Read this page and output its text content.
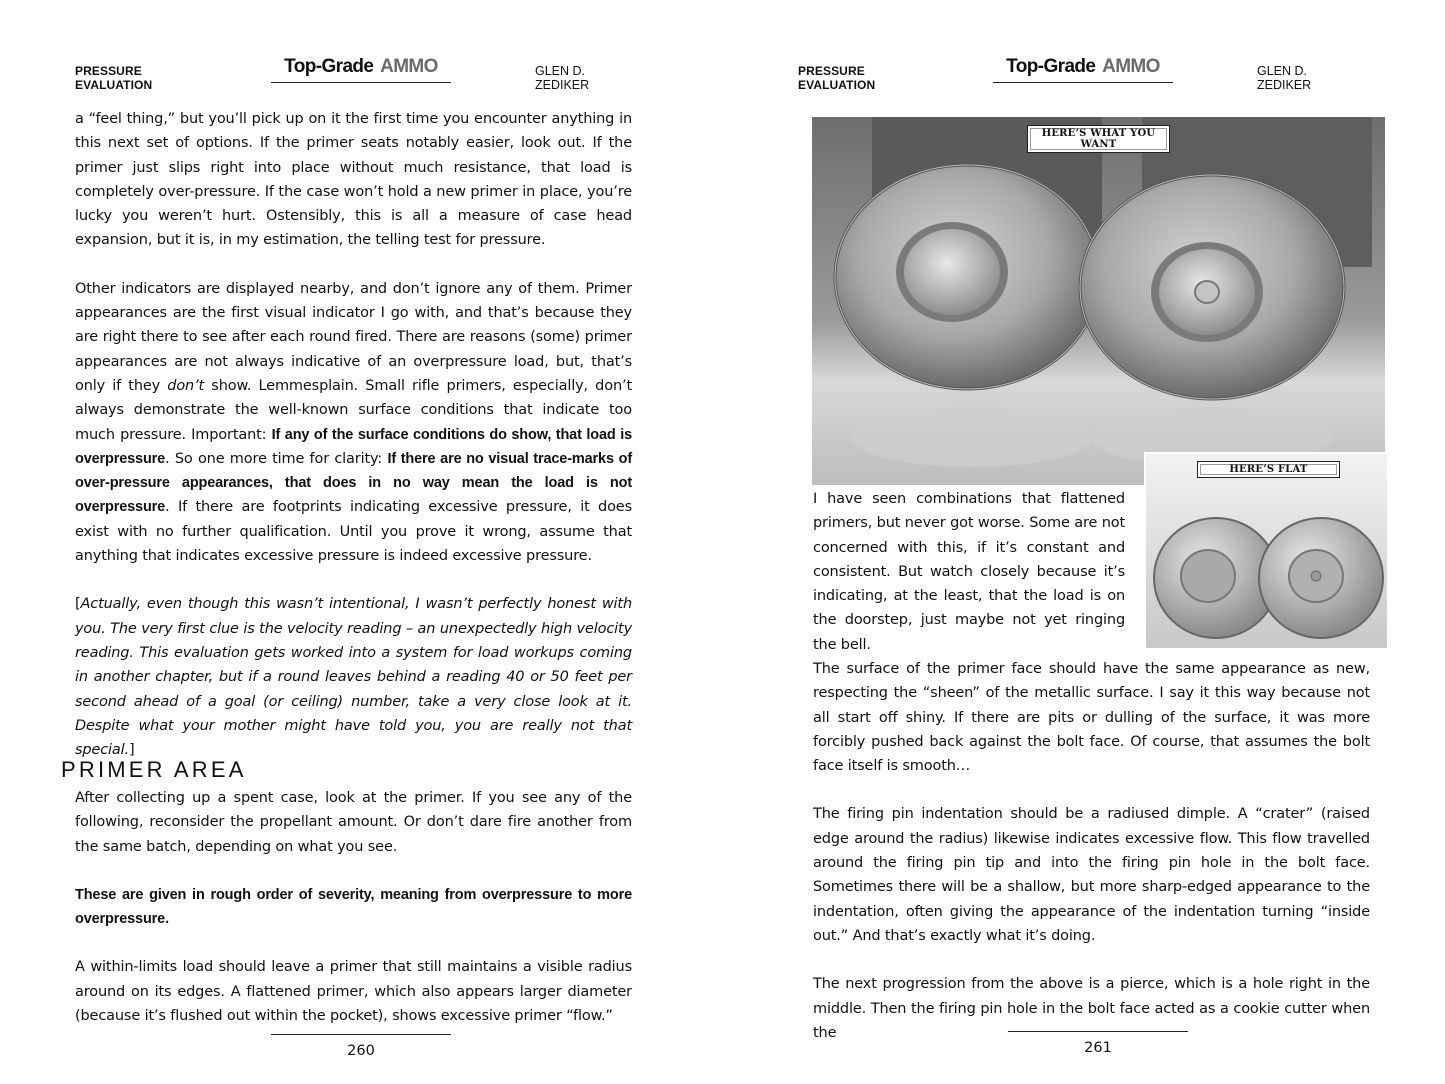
PRESSURE EVALUATION
Top-Grade AMMO	GLEN D. ZEDIKER

a “feel thing,” but you’ll pick up on it the first time you encounter anything in this next set of options. If the primer seats notably easier, look out. If the primer just slips right into place without much resistance, that load is completely over-pressure. If the case won’t hold a new primer in place, you’re lucky you weren’t hurt. Ostensibly, this is all a measure of case head expansion, but it is, in my estimation, the telling test for pressure.

Other indicators are displayed nearby, and don’t ignore any of them. Primer appearances are the first visual indicator I go with, and that’s because they are right there to see after each round fired. There are reasons (some) primer appearances are not always indicative of an overpressure load, but, that’s only if they don’t show. Lemmesplain. Small rifle primers, especially, don’t always demonstrate the well-known surface conditions that indicate too much pressure. Important: If any of the surface conditions do show, that load is overpressure. So one more time for clarity: If there are no visual trace-marks of over-pressure appearances, that does in no way mean the load is not overpressure. If there are footprints indicating excessive pressure, it does exist with no further qualification. Until you prove it wrong, assume that anything that indicates excessive pressure is indeed excessive pressure.

[Actually, even though this wasn’t intentional, I wasn’t perfectly honest with you. The very first clue is the velocity reading – an unexpectedly high velocity reading. This evaluation gets worked into a system for load workups coming in another chapter, but if a round leaves behind a reading 40 or 50 feet per second ahead of a goal (or ceiling) number, take a very close look at it. Despite what your mother might have told you, you are really not that special.]

PRIMER AREA

After collecting up a spent case, look at the primer. If you see any of the following, reconsider the propellant amount. Or don’t dare fire another from the same batch, depending on what you see.

These are given in rough order of severity, meaning from overpressure to more overpressure.

A within-limits load should leave a primer that still maintains a visible radius around on its edges. A flattened primer, which also appears larger diameter (because it’s flushed out within the pocket), shows excessive primer “flow.”

260
PRESSURE EVALUATION
Top-Grade AMMO	GLEN D. ZEDIKER
HERE’S WHAT YOU WANT
HERE’S FLAT

I have seen combinations that flattened primers, but never got worse. Some are not concerned with this, if it’s constant and consistent. But watch closely because it’s indicating, at the least, that the load is on the doorstep, just maybe not yet ringing the bell.

The surface of the primer face should have the same appearance as new, respecting the “sheen” of the metallic surface. I say it this way because not all start off shiny. If there are pits or dulling of the surface, it was more forcibly pushed back against the bolt face. Of course, that assumes the bolt face itself is smooth…

The firing pin indentation should be a radiused dimple. A “crater” (raised edge around the radius) likewise indicates excessive flow. This flow travelled around the firing pin tip and into the firing pin hole in the bolt face. Sometimes there will be a shallow, but more sharp-edged appearance to the indentation, often giving the appearance of the indentation turning “inside out.” And that’s exactly what it’s doing.

The next progression from the above is a pierce, which is a hole right in the middle. Then the firing pin hole in the bolt face acted as a cookie cutter when the

261
